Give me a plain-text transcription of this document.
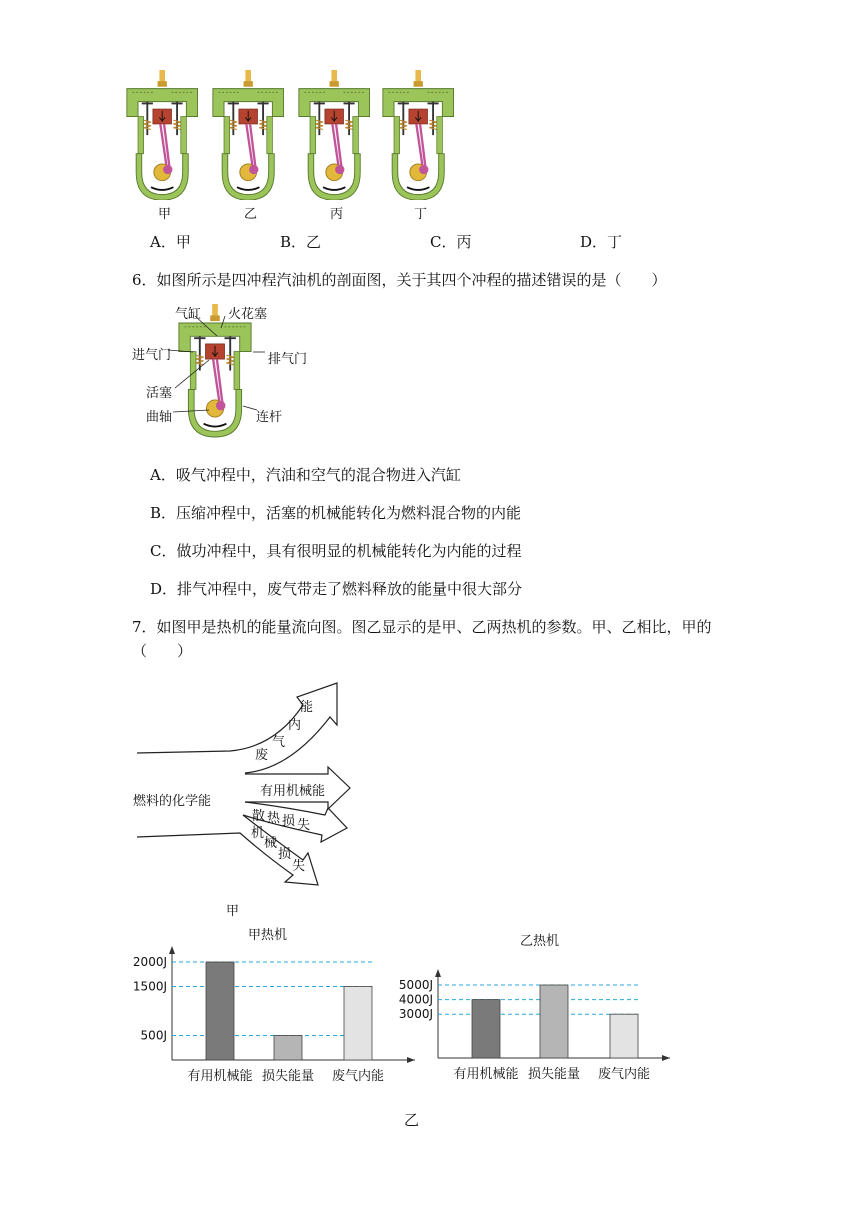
甲	乙	丙	丁
A．甲	B．乙	C．丙	D．丁
6．如图所示是四冲程汽油机的剖面图，关于其四个冲程的描述错误的是（　　）
气缸 火花塞
进气门	排气门
活塞
曲轴	连杆
A．吸气冲程中，汽油和空气的混合物进入汽缸
B．压缩冲程中，活塞的机械能转化为燃料混合物的内能
C．做功冲程中，具有很明显的机械能转化为内能的过程
D．排气冲程中，废气带走了燃料释放的能量中很大部分
7．如图甲是热机的能量流向图。图乙显示的是甲、乙两热机的参数。甲、乙相比，甲的
（　　）
燃料的化学能
废
气
内
能
有用机械能
散 热 损 失
机
械
损
失
甲
甲热机
2000J
1500J
500J
有用机械能 损失能量 废气内能
乙热机
5000J
4000J
3000J
有用机械能 损失能量 废气内能
乙
